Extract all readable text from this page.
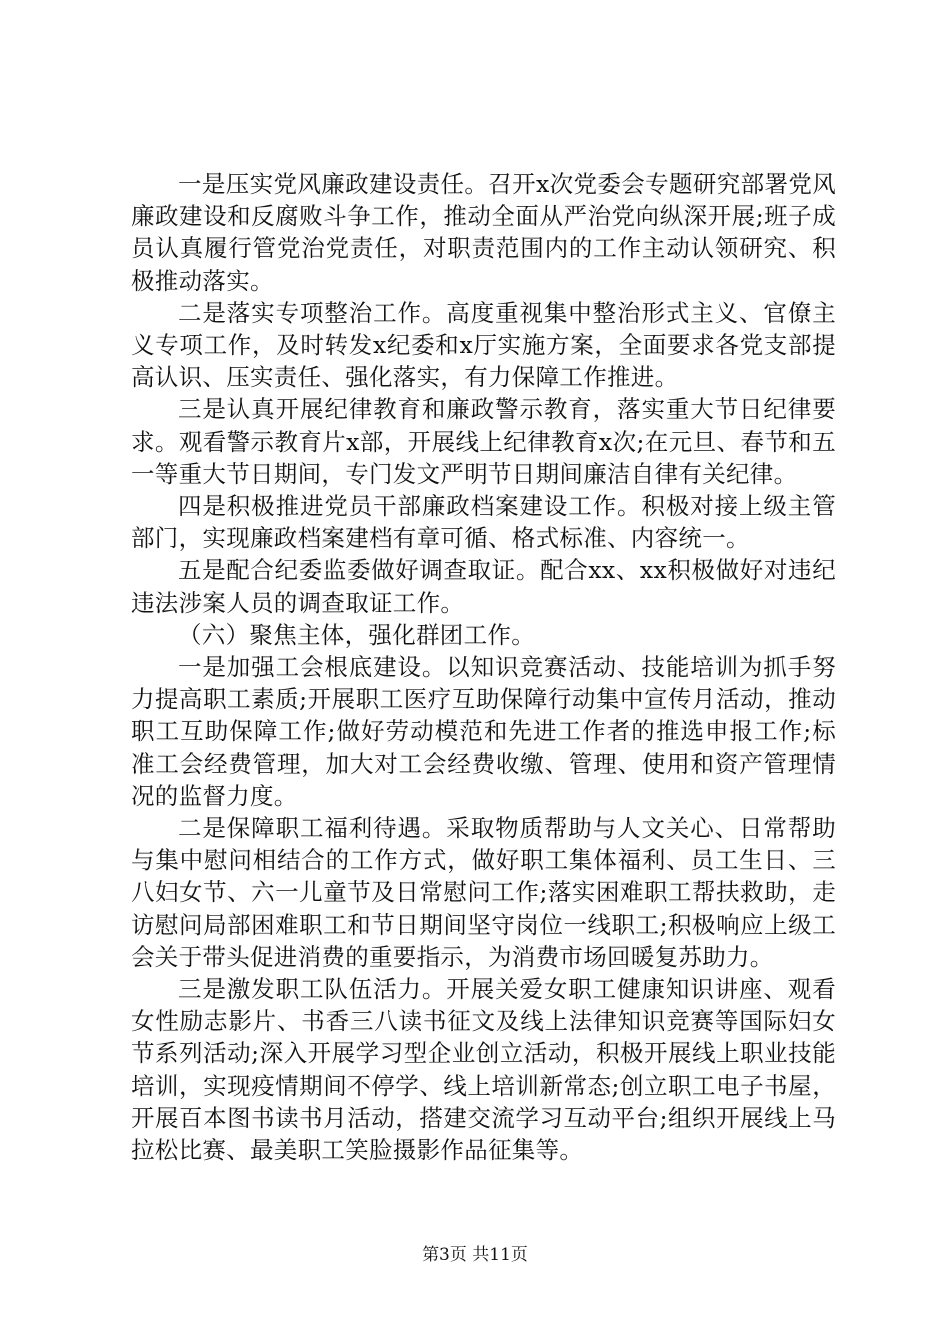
一是压实党风廉政建设责任。召开x次党委会专题研究部署党风廉政建设和反腐败斗争工作，推动全面从严治党向纵深开展;班子成员认真履行管党治党责任，对职责范围内的工作主动认领研究、积极推动落实。

二是落实专项整治工作。高度重视集中整治形式主义、官僚主义专项工作，及时转发x纪委和x厅实施方案，全面要求各党支部提高认识、压实责任、强化落实，有力保障工作推进。

三是认真开展纪律教育和廉政警示教育，落实重大节日纪律要求。观看警示教育片x部，开展线上纪律教育x次;在元旦、春节和五一等重大节日期间，专门发文严明节日期间廉洁自律有关纪律。

四是积极推进党员干部廉政档案建设工作。积极对接上级主管部门，实现廉政档案建档有章可循、格式标准、内容统一。

五是配合纪委监委做好调查取证。配合xx、xx积极做好对违纪违法涉案人员的调查取证工作。

（六）聚焦主体，强化群团工作。

一是加强工会根底建设。以知识竞赛活动、技能培训为抓手努力提高职工素质;开展职工医疗互助保障行动集中宣传月活动，推动职工互助保障工作;做好劳动模范和先进工作者的推选申报工作;标准工会经费管理，加大对工会经费收缴、管理、使用和资产管理情况的监督力度。

二是保障职工福利待遇。采取物质帮助与人文关心、日常帮助与集中慰问相结合的工作方式，做好职工集体福利、员工生日、三八妇女节、六一儿童节及日常慰问工作;落实困难职工帮扶救助，走访慰问局部困难职工和节日期间坚守岗位一线职工;积极响应上级工会关于带头促进消费的重要指示，为消费市场回暖复苏助力。

三是激发职工队伍活力。开展关爱女职工健康知识讲座、观看女性励志影片、书香三八读书征文及线上法律知识竞赛等国际妇女节系列活动;深入开展学习型企业创立活动，积极开展线上职业技能培训，实现疫情期间不停学、线上培训新常态;创立职工电子书屋，开展百本图书读书月活动，搭建交流学习互动平台;组织开展线上马拉松比赛、最美职工笑脸摄影作品征集等。

第3页 共11页
